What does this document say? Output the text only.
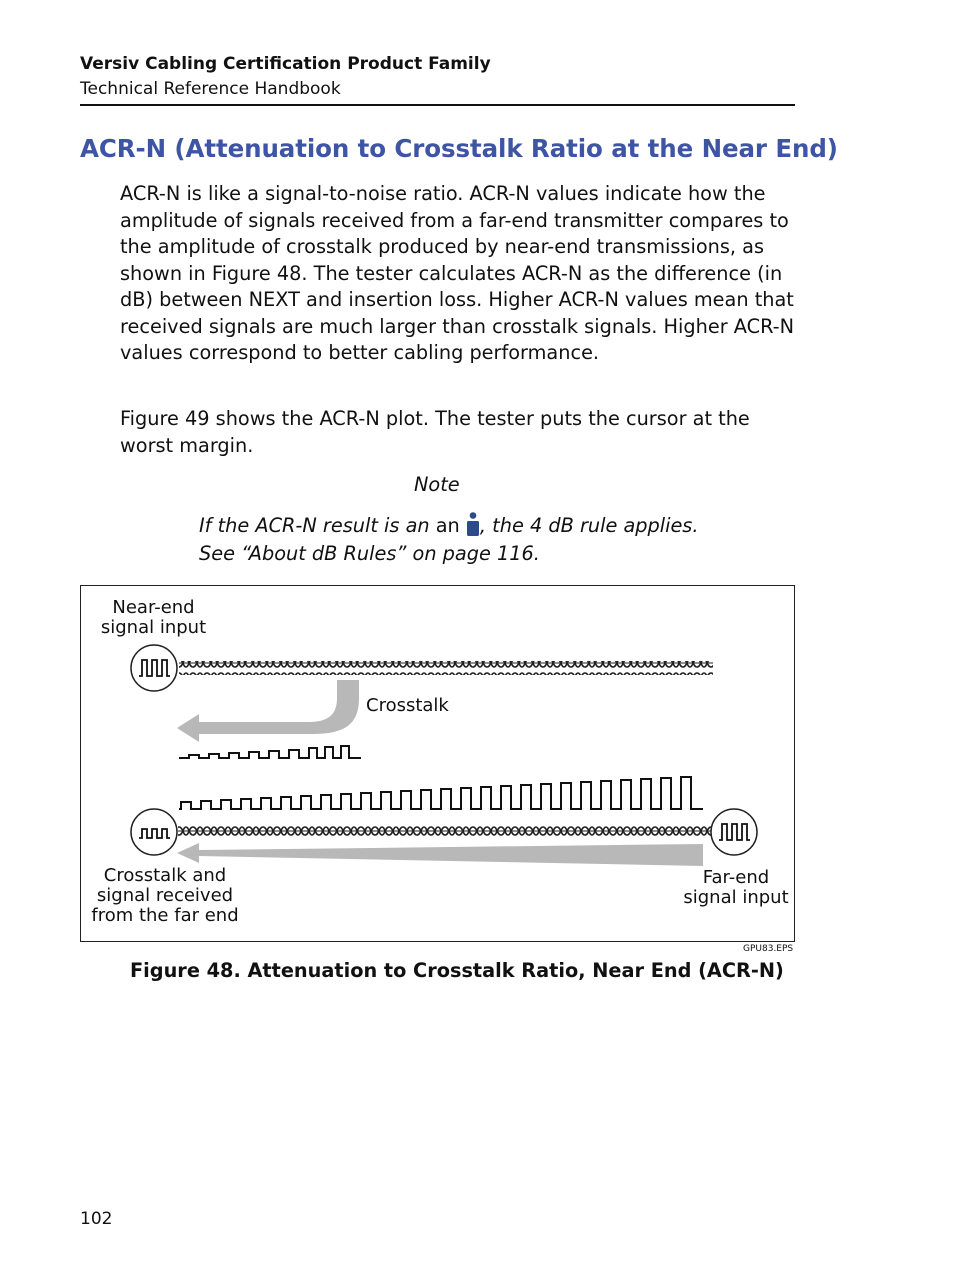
Versiv Cabling Certification Product Family
Technical Reference Handbook
ACR-N (Attenuation to Crosstalk Ratio at the Near End)

ACR-N is like a signal-to-noise ratio. ACR-N values indicate how the amplitude of signals received from a far-end transmitter compares to the amplitude of crosstalk produced by near-end transmissions, as shown in Figure 48. The tester calculates ACR-N as the difference (in dB) between NEXT and insertion loss. Higher ACR-N values mean that received signals are much larger than crosstalk signals. Higher ACR-N values correspond to better cabling performance.

Figure 49 shows the ACR-N plot. The tester puts the cursor at the worst margin.

Note
If the ACR-N result is an an , the 4 dB rule applies.
See “About dB Rules” on page 116.
Near-end
signal input
Crosstalk
Crosstalk and
signal received
from the far end
Far-end
signal input
GPU83.EPS
Figure 48. Attenuation to Crosstalk Ratio, Near End (ACR-N)
102
